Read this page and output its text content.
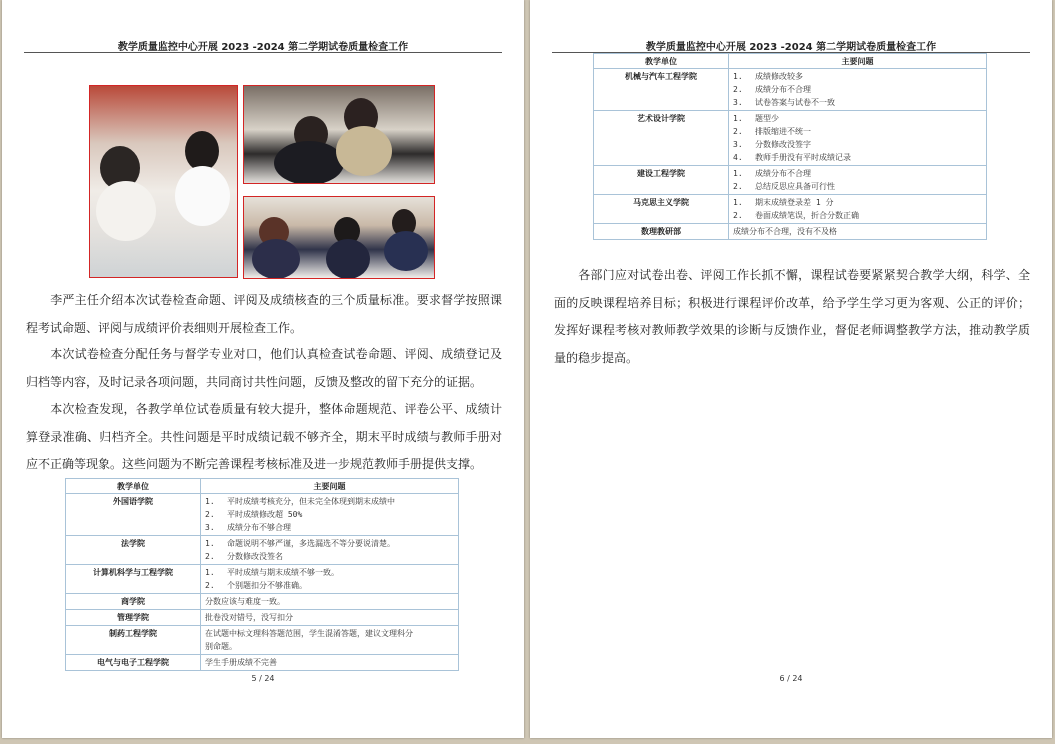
教学质量监控中心开展 2023 -2024 第二学期试卷质量检查工作

李严主任介绍本次试卷检查命题、评阅及成绩核查的三个质量标准。要求督学按照课程考试命题、评阅与成绩评价表细则开展检查工作。

本次试卷检查分配任务与督学专业对口，他们认真检查试卷命题、评阅、成绩登记及归档等内容，及时记录各项问题，共同商讨共性问题，反馈及整改的留下充分的证据。

本次检查发现，各教学单位试卷质量有较大提升，整体命题规范、评卷公平、成绩计算登录准确、归档齐全。共性问题是平时成绩记载不够齐全，期末平时成绩与教师手册对应不正确等现象。这些问题为不断完善课程考核标准及进一步规范教师手册提供支撑。

教学单位	主要问题
外国语学院	1. 平时成绩考核充分，但未完全体现到期末成绩中
2. 平时成绩修改超 50%
3. 成绩分布不够合理

法学院	1. 命题说明不够严谨，多选漏选不等分要说清楚。
2. 分数修改没签名

计算机科学与工程学院	1. 平时成绩与期末成绩不够一致。
2. 个别题扣分不够准确。

商学院	分数应该与难度一致。

管理学院	批卷没对错号，没写扣分

制药工程学院	在试题中标文理科答题范围，学生混淆答题，建议文理科分
别命题。

电气与电子工程学院	学生手册成绩不完善
5 / 24
教学质量监控中心开展 2023 -2024 第二学期试卷质量检查工作
教学单位	主要问题
机械与汽车工程学院	1. 成绩修改较多
2. 成绩分布不合理
3. 试卷答案与试卷不一致

艺术设计学院	1. 题型少
2. 排版缩进不统一
3. 分数修改没签字
4. 教师手册没有平时成绩记录

建设工程学院	1. 成绩分布不合理
2. 总结反思应具备可行性

马克思主义学院	1. 期末成绩登录差 1 分
2. 卷面成绩笔误，折合分数正确

数理教研部	成绩分布不合理，没有不及格

各部门应对试卷出卷、评阅工作长抓不懈，课程试卷要紧紧契合教学大纲，科学、全面的反映课程培养目标；积极进行课程评价改革，给予学生学习更为客观、公正的评价；发挥好课程考核对教师教学效果的诊断与反馈作业，督促老师调整教学方法，推动教学质量的稳步提高。

6 / 24
